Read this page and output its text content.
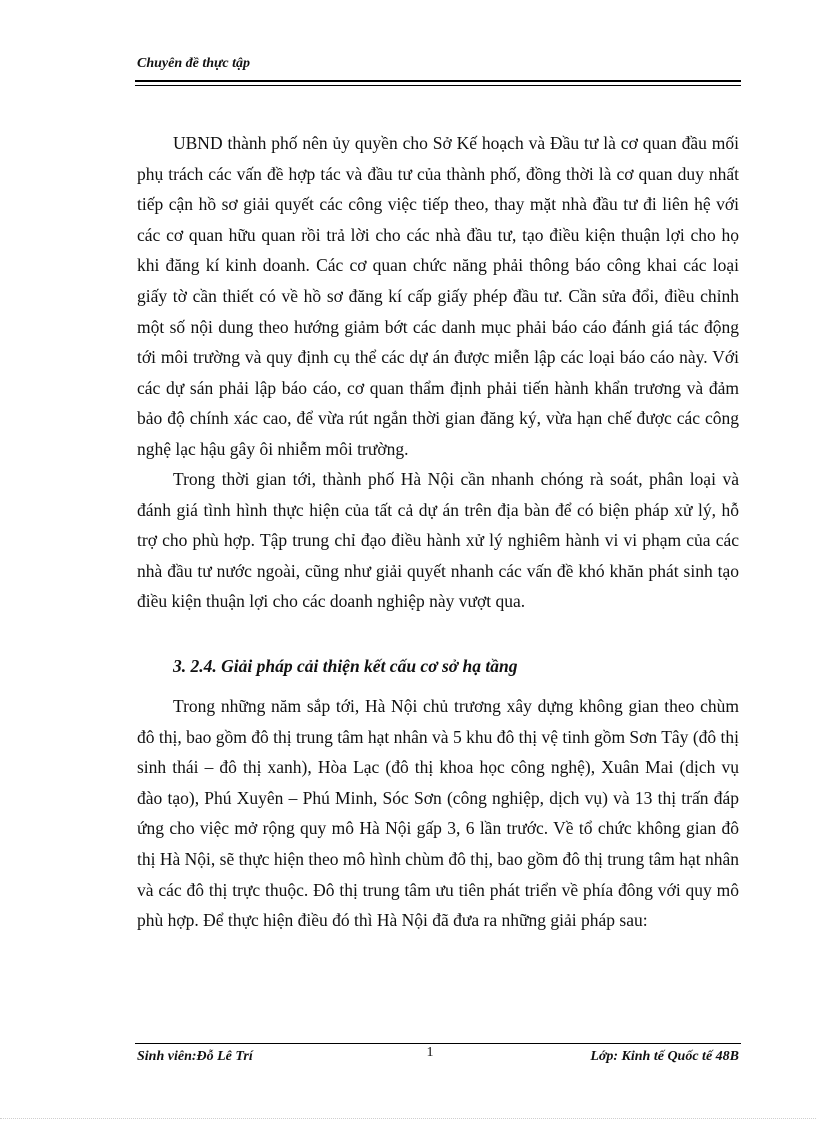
Chuyên đề thực tập

UBND thành phố nên ủy quyền cho Sở Kế hoạch và Đầu tư là cơ quan đầu mối phụ trách các vấn đề hợp tác và đầu tư của thành phố, đồng thời là cơ quan duy nhất tiếp cận hồ sơ giải quyết các công việc tiếp theo, thay mặt nhà đầu tư đi liên hệ với các cơ quan hữu quan rồi trả lời cho các nhà đầu tư, tạo điều kiện thuận lợi cho họ khi đăng kí kinh doanh. Các cơ quan chức năng phải thông báo công khai các loại giấy tờ cần thiết có về hồ sơ đăng kí cấp giấy phép đầu tư. Cần sửa đổi, điều chỉnh một số nội dung theo hướng giảm bớt các danh mục phải báo cáo đánh giá tác động tới môi trường và quy định cụ thể các dự án được miễn lập các loại báo cáo này. Với các dự sán phải lập báo cáo, cơ quan thẩm định phải tiến hành khẩn trương và đảm bảo độ chính xác cao, để vừa rút ngắn thời gian đăng ký, vừa hạn chế được các công nghệ lạc hậu gây ôi nhiễm môi trường.

Trong thời gian tới, thành phố Hà Nội cần nhanh chóng rà soát, phân loại và đánh giá tình hình thực hiện của tất cả dự án trên địa bàn để có biện pháp xử lý, hỗ trợ cho phù hợp. Tập trung chỉ đạo điều hành xử lý nghiêm hành vi vi phạm của các nhà đầu tư nước ngoài, cũng như giải quyết nhanh các vấn đề khó khăn phát sinh tạo điều kiện thuận lợi cho các doanh nghiệp này vượt qua.

3. 2.4. Giải pháp cải thiện kết cấu cơ sở hạ tầng

Trong những năm sắp tới, Hà Nội chủ trương xây dựng không gian theo chùm đô thị, bao gồm đô thị trung tâm hạt nhân và 5 khu đô thị vệ tinh gồm Sơn Tây (đô thị sinh thái – đô thị xanh), Hòa Lạc (đô thị khoa học công nghệ), Xuân Mai (dịch vụ đào tạo), Phú Xuyên – Phú Minh, Sóc Sơn (công nghiệp, dịch vụ) và 13 thị trấn đáp ứng cho việc mở rộng quy mô Hà Nội gấp 3, 6 lần trước. Về tổ chức không gian đô thị Hà Nội, sẽ thực hiện theo mô hình chùm đô thị, bao gồm đô thị trung tâm hạt nhân và các đô thị trực thuộc. Đô thị trung tâm ưu tiên phát triển về phía đông với quy mô phù hợp. Để thực hiện điều đó thì Hà Nội đã đưa ra những giải pháp sau:

Sinh viên:Đỗ Lê Trí	1	Lớp: Kinh tế Quốc tế 48B
